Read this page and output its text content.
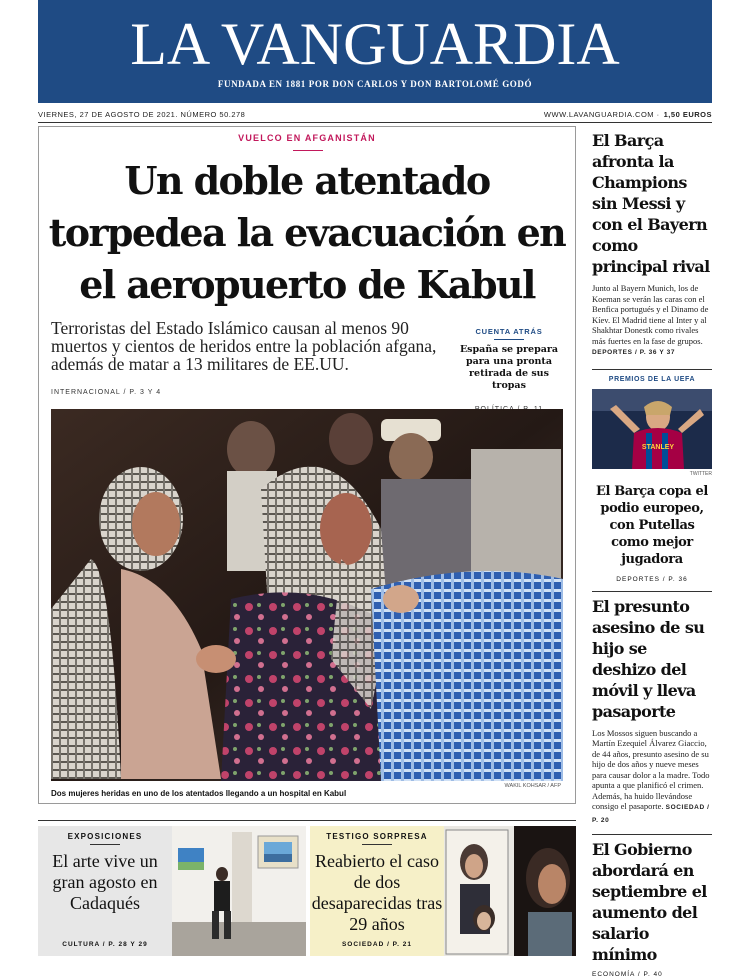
LA VANGUARDIA
FUNDADA EN 1881 POR DON CARLOS Y DON BARTOLOMÉ GODÓ
VIERNES, 27 DE AGOSTO DE 2021. NÚMERO 50.278	WWW.LAVANGUARDIA.COM · 1,50 EUROS
VUELCO EN AFGANISTÁN
Un doble atentado
torpedea la evacuación en
el aeropuerto de Kabul

Terroristas del Estado Islámico causan al menos 90 muertos y cientos de heridos entre la población afgana, además de matar a 13 militares de EE.UU.

INTERNACIONAL / P. 3 Y 4
CUENTA ATRÁS
España se prepara para una pronta retirada de sus tropas
WAKIL KOHSAR / AFP
Dos mujeres heridas en uno de los atentados llegando a un hospital en Kabul
El Barça afronta la Champions sin Messi y con el Bayern como principal rival

Junto al Bayern Munich, los de Koeman se verán las caras con el Benfica portugués y el Dinamo de Kíev. El Madrid tiene al Inter y al Shakhtar Donestk como rivales más fuertes en la fase de grupos. DEPORTES / P. 36 Y 37

PREMIOS DE LA UEFA
STANLEY
TWITTER
El Barça copa el podio europeo, con Putellas como mejor jugadora
DEPORTES / P. 36
El presunto asesino de su hijo se deshizo del móvil y lleva pasaporte

Los Mossos siguen buscando a Martín Ezequiel Álvarez Giaccio, de 44 años, presunto asesino de su hijo de dos años y nueve meses para causar dolor a la madre. Todo apunta a que planificó el crimen. Además, ha huido llevándose consigo el pasaporte. SOCIEDAD / P. 20

El Gobierno abordará en septiembre el aumento del salario mínimo
ECONOMÍA / P. 40
EXPOSICIONES
El arte vive un gran agosto en Cadaqués
CULTURA / P. 28 Y 29
TESTIGO SORPRESA
Reabierto el caso de dos desaparecidas tras 29 años
SOCIEDAD / P. 21
